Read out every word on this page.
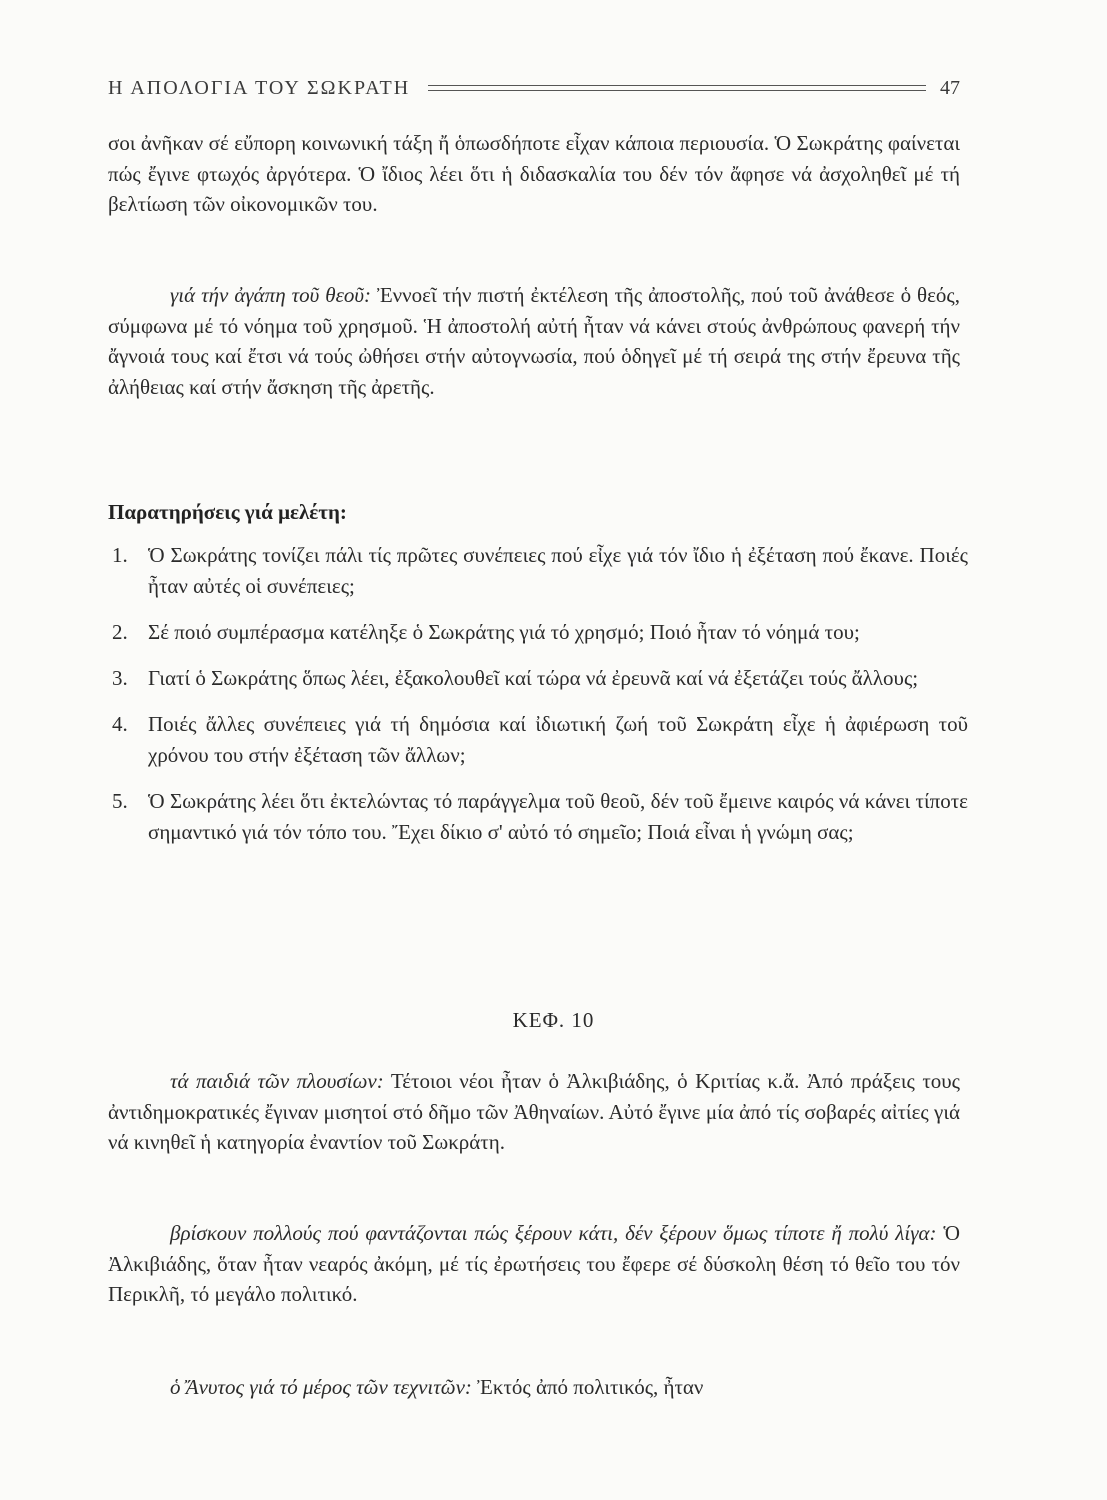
Η ΑΠΟΛΟΓΙΑ ΤΟΥ ΣΩΚΡΑΤΗ	47

σοι ἀνῆκαν σέ εὔπορη κοινωνική τάξη ἤ ὁπωσδήποτε εἶχαν κάποια περιουσία. Ὁ Σωκράτης φαίνεται πώς ἔγινε φτωχός ἀργότερα. Ὁ ἴδιος λέει ὅτι ἡ διδασκαλία του δέν τόν ἄφησε νά ἀσχοληθεῖ μέ τή βελτίωση τῶν οἰκονομικῶν του.

γιά τήν ἀγάπη τοῦ θεοῦ: Ἐννοεῖ τήν πιστή ἐκτέλεση τῆς ἀποστολῆς, πού τοῦ ἀνάθεσε ὁ θεός, σύμφωνα μέ τό νόημα τοῦ χρησμοῦ. Ἡ ἀποστολή αὐτή ἦταν νά κάνει στούς ἀνθρώπους φανερή τήν ἄγνοιά τους καί ἔτσι νά τούς ὠθήσει στήν αὐτογνωσία, πού ὁδηγεῖ μέ τή σειρά της στήν ἔρευνα τῆς ἀλήθειας καί στήν ἄσκηση τῆς ἀρετῆς.

Παρατηρήσεις γιά μελέτη:

1. Ὁ Σωκράτης τονίζει πάλι τίς πρῶτες συνέπειες πού εἶχε γιά τόν ἴδιο ἡ ἐξέταση πού ἔκανε. Ποιές ἦταν αὐτές οἱ συνέπειες;
2. Σέ ποιό συμπέρασμα κατέληξε ὁ Σωκράτης γιά τό χρησμό; Ποιό ἦταν τό νόημά του;
3. Γιατί ὁ Σωκράτης ὅπως λέει, ἐξακολουθεῖ καί τώρα νά ἐρευνᾶ καί νά ἐξετάζει τούς ἄλλους;
4. Ποιές ἄλλες συνέπειες γιά τή δημόσια καί ἰδιωτική ζωή τοῦ Σωκράτη εἶχε ἡ ἀφιέρωση τοῦ χρόνου του στήν ἐξέταση τῶν ἄλλων;
5. Ὁ Σωκράτης λέει ὅτι ἐκτελώντας τό παράγγελμα τοῦ θεοῦ, δέν τοῦ ἔμεινε καιρός νά κάνει τίποτε σημαντικό γιά τόν τόπο του. Ἔχει δίκιο σ' αὐτό τό σημεῖο; Ποιά εἶναι ἡ γνώμη σας;
ΚΕΦ. 10

τά παιδιά τῶν πλουσίων: Τέτοιοι νέοι ἦταν ὁ Ἀλκιβιάδης, ὁ Κριτίας κ.ἄ. Ἀπό πράξεις τους ἀντιδημοκρατικές ἔγιναν μισητοί στό δῆμο τῶν Ἀθηναίων. Αὐτό ἔγινε μία ἀπό τίς σοβαρές αἰτίες γιά νά κινηθεῖ ἡ κατηγορία ἐναντίον τοῦ Σωκράτη.

βρίσκουν πολλούς πού φαντάζονται πώς ξέρουν κάτι, δέν ξέρουν ὅμως τίποτε ἤ πολύ λίγα: Ὁ Ἀλκιβιάδης, ὅταν ἦταν νεαρός ἀκόμη, μέ τίς ἐρωτήσεις του ἔφερε σέ δύσκολη θέση τό θεῖο του τόν Περικλῆ, τό μεγάλο πολιτικό.

ὁ Ἄνυτος γιά τό μέρος τῶν τεχνιτῶν: Ἐκτός ἀπό πολιτικός, ἦταν
